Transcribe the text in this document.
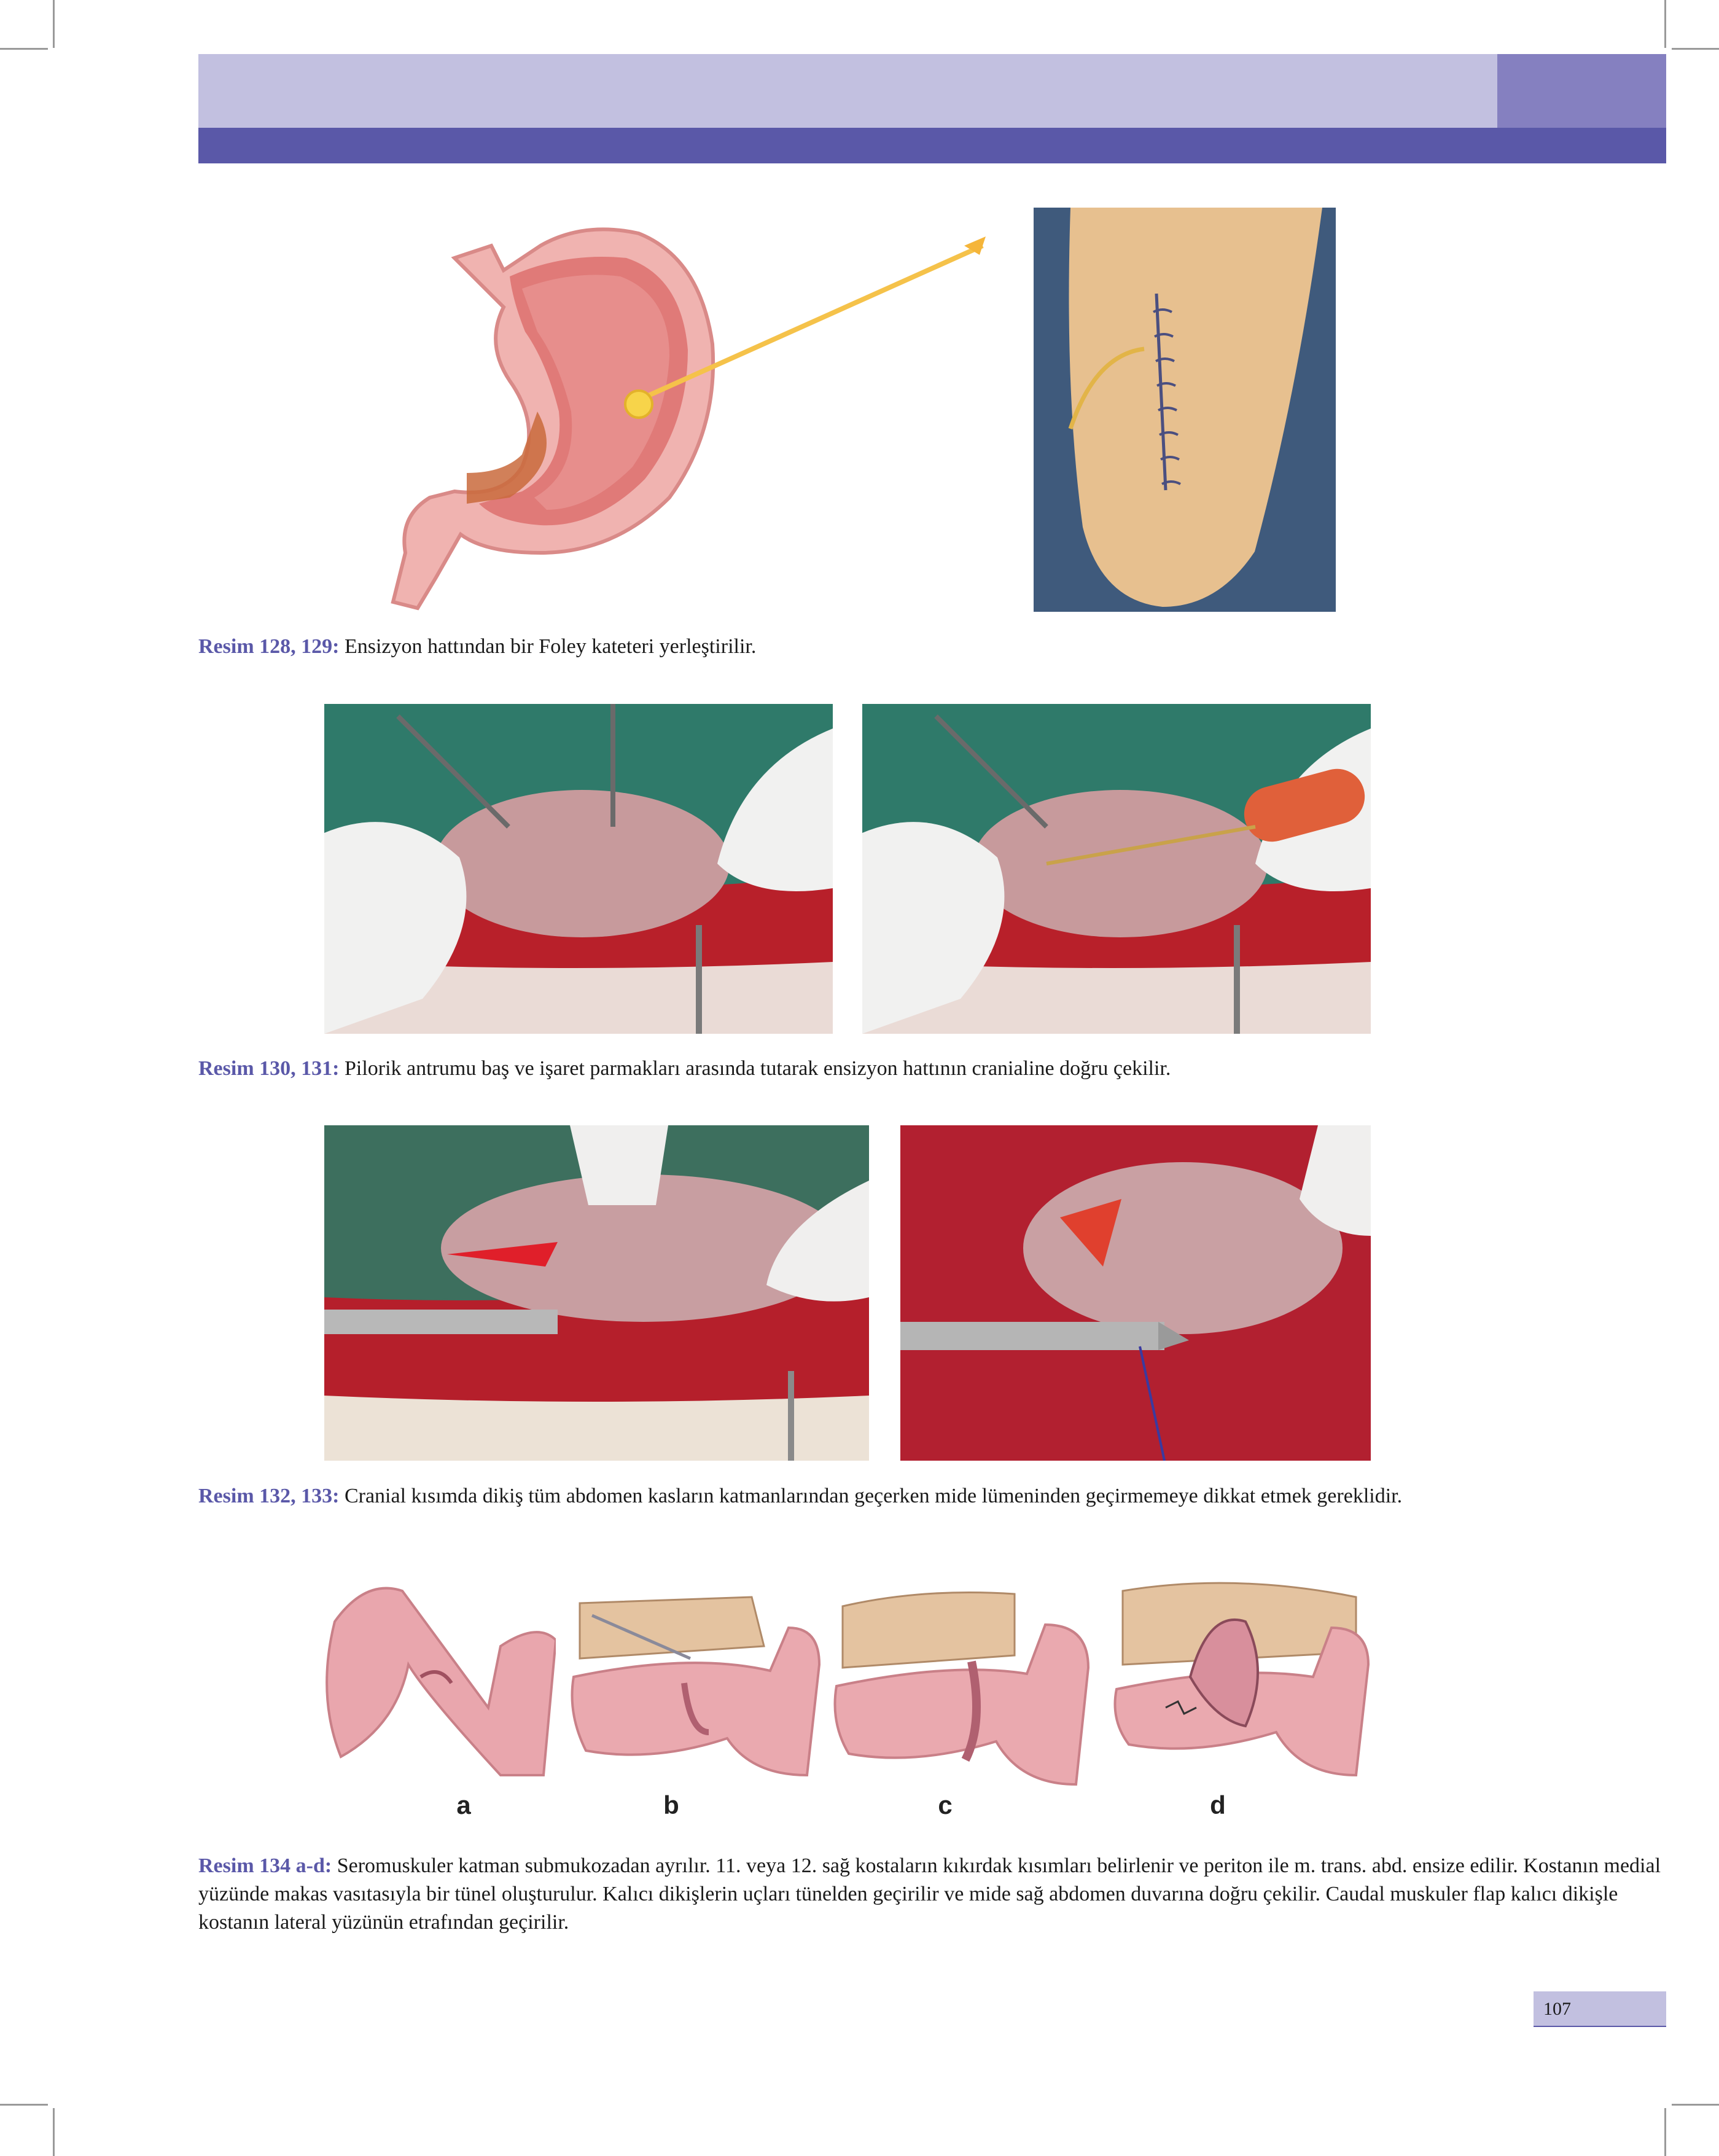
Resim 128, 129: Ensizyon hattından bir Foley kateteri yerleştirilir.
Resim 130, 131: Pilorik antrumu baş ve işaret parmakları arasında tutarak ensizyon hattının cranialine doğru çekilir.
Resim 132, 133: Cranial kısımda dikiş tüm abdomen kasların katmanlarından geçerken mide lümeninden geçirmemeye dikkat etmek gereklidir.
a	b	c	d
Resim 134 a-d: Seromuskuler katman submukozadan ayrılır. 11. veya 12. sağ kostaların kıkırdak kısımları belirlenir ve periton ile m. trans. abd. ensize edilir. Kostanın medial yüzünde makas vasıtasıyla bir tünel oluşturulur. Kalıcı dikişlerin uçları tünelden geçirilir ve mide sağ abdomen duvarına doğru çekilir. Caudal muskuler flap kalıcı dikişle kostanın lateral yüzünün etrafından geçirilir.
107
